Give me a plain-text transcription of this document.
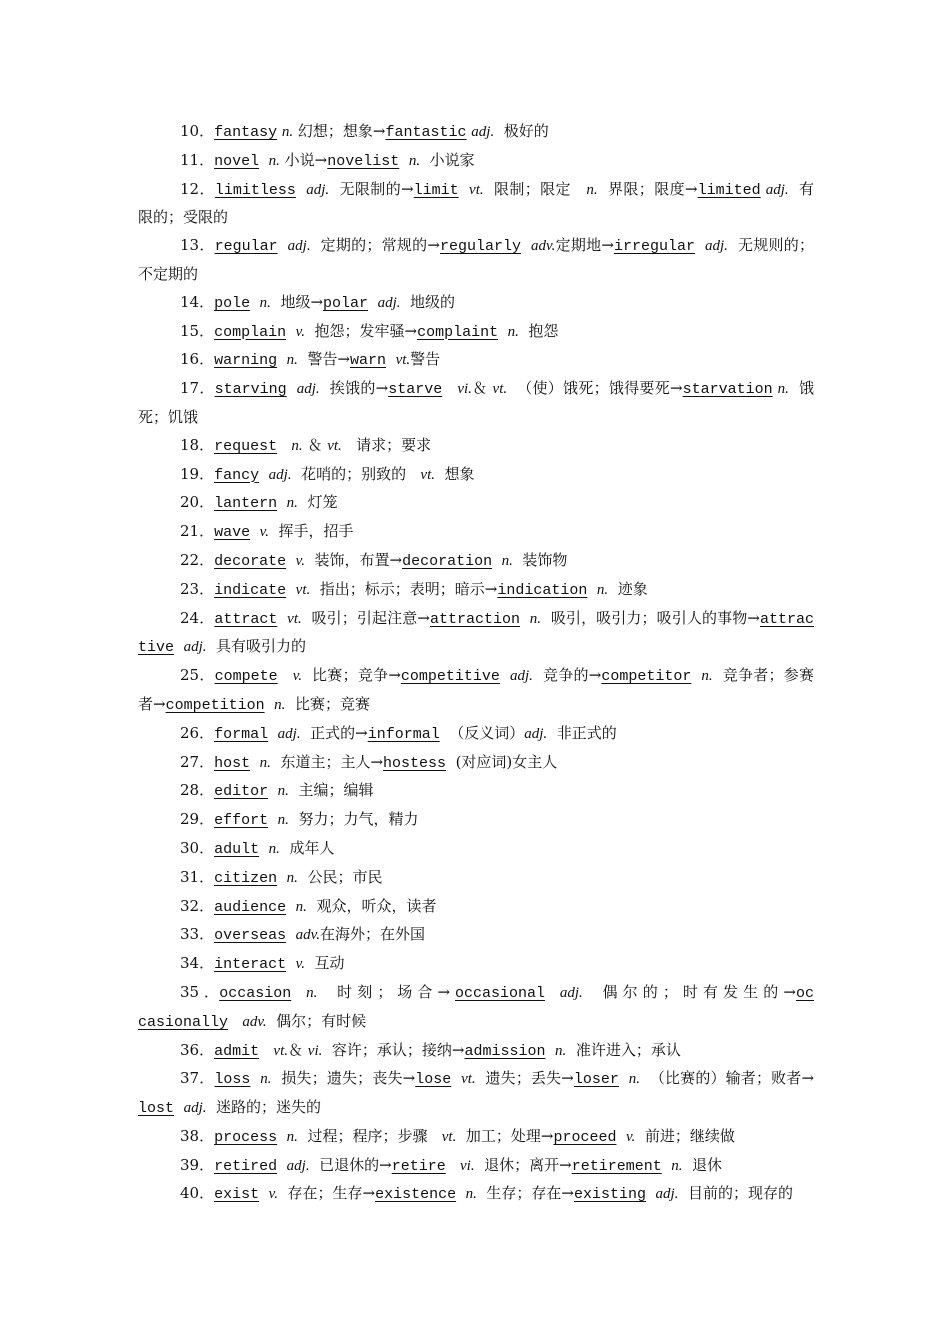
10．fantasy n. 幻想；想象→fantastic adj.  极好的

11．novel n. 小说→novelist n.  小说家

12．limitless adj.  无限制的→limit vt.  限制；限定   n.  界限；限度→limited adj.  有限的；受限的

13．regular adj.  定期的；常规的→regularly adv.定期地→irregular adj.  无规则的；不定期的

14．pole n.  地级→polar adj.  地级的

15．complain v.  抱怨；发牢骚→complaint n.  抱怨

16．warning n.  警告→warn vt.警告

17．starving adj.  挨饿的→starve vi.＆ vt.  （使）饿死；饿得要死→starvation n.  饿死；饥饿

18．request n. ＆ vt.   请求；要求

19．fancy adj.  花哨的；别致的   vt.  想象

20．lantern n.  灯笼

21．wave v.  挥手，招手

22．decorate v.  装饰，布置→decoration n.  装饰物

23．indicate vt.  指出；标示；表明；暗示→indication n.  迹象

24．attract vt.  吸引；引起注意→attraction n.  吸引，吸引力；吸引人的事物→attractive adj.  具有吸引力的

25．compete v.  比赛；竞争→competitive adj.  竞争的→competitor n.  竞争者；参赛者→competition n.  比赛；竞赛

26．formal adj.  正式的→informal  （反义词）adj.  非正式的

27．host n.  东道主；主人→hostess  (对应词)女主人

28．editor n.  主编；编辑

29．effort n.  努力；力气，精力

30．adult n.  成年人

31．citizen n.  公民；市民

32．audience n.  观众，听众，读者

33．overseas adv.在海外；在外国

34．interact v.  互动

35 ．occasion n.    时 刻 ； 场 合 → occasional adj.    偶 尔 的 ； 时 有 发 生 的 →occasionally adv.  偶尔；有时候

36．admit vt.＆ vi.  容许；承认；接纳→admission n.  准许进入；承认

37．loss n.  损失；遗失；丧失→lose vt.  遗失；丢失→loser n.  （比赛的）输者；败者→lost adj.  迷路的；迷失的

38．process n.  过程；程序；步骤   vt.  加工；处理→proceed v.  前进；继续做

39．retired adj.  已退休的→retire vi.  退休；离开→retirement n.  退休

40．exist v.  存在；生存→existence n.  生存；存在→existing adj.  目前的；现存的
